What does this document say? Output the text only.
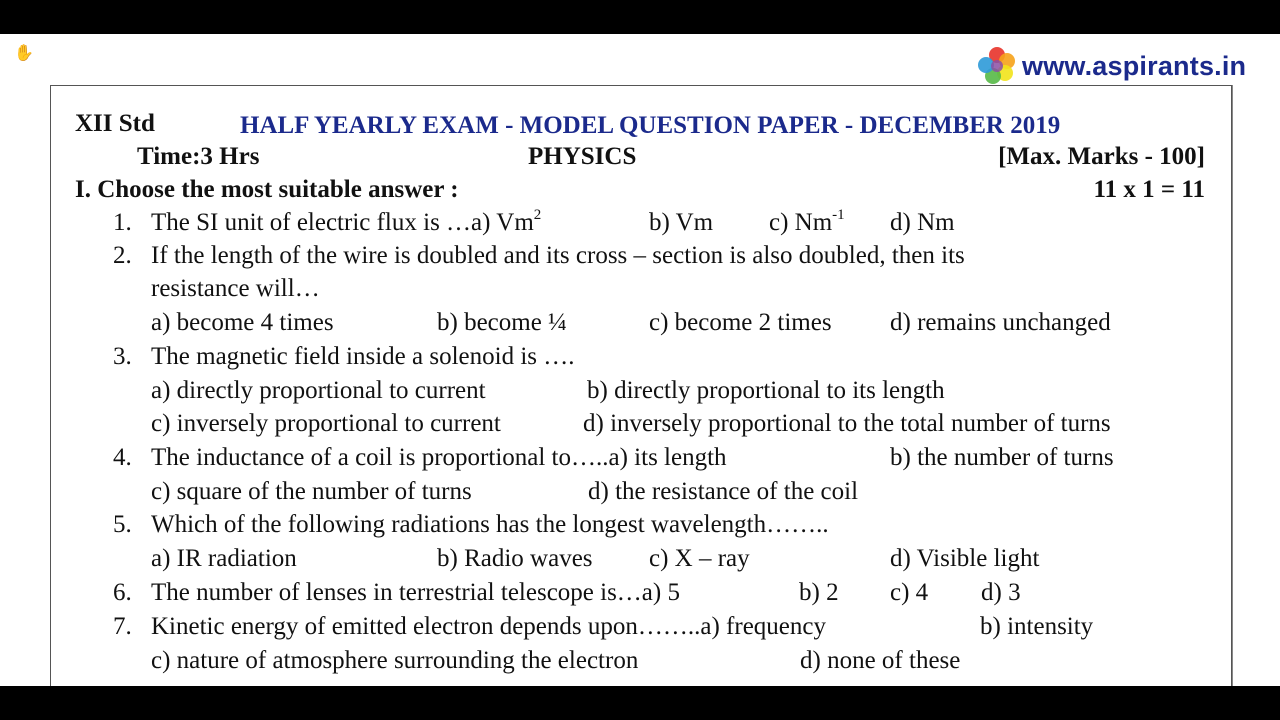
✋	www.aspirants.in
XII Std	HALF YEARLY EXAM - MODEL QUESTION PAPER - DECEMBER 2019
Time:3 Hrs	PHYSICS	[Max. Marks - 100]
I. Choose the most suitable answer :	11 x 1 = 11
1. The SI unit of electric flux is …a) Vm$^2$	b) Vm c) $Nm^{-1}$ d) Nm
2. If the length of the wire is doubled and its cross – section is also doubled, then its
resistance will…
a) become 4 times	b) become ¼	c) become 2 times d) remains unchanged
3. The magnetic field inside a solenoid is ….
a) directly proportional to current	b) directly proportional to its length
c) inversely proportional to current	d) inversely proportional to the total number of turns
4. The inductance of a coil is proportional to…..a) its length	b) the number of turns
c) square of the number of turns	d) the resistance of the coil
5. Which of the following radiations has the longest wavelength……..
a) IR radiation	b) Radio waves c) X – ray	d) Visible light
6. The number of lenses in terrestrial telescope is…a) 5	b) 2 c) 4 d) 3
7. Kinetic energy of emitted electron depends upon……..a) frequency	b) intensity
c) nature of atmosphere surrounding the electron	d) none of these
